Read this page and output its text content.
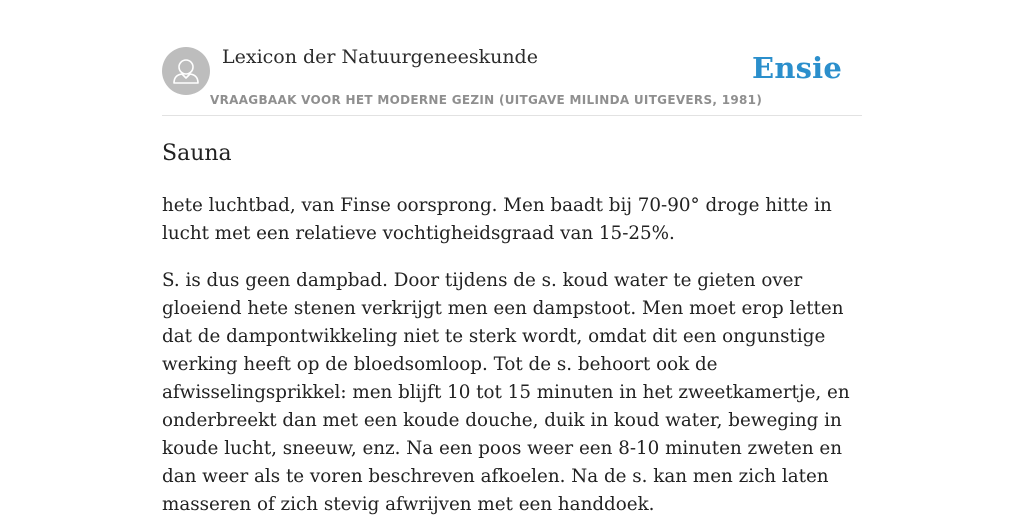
Lexicon der Natuurgeneeskunde
VRAAGBAAK VOOR HET MODERNE GEZIN (UITGAVE MILINDA UITGEVERS, 1981)
Ensie
Sauna

hete luchtbad, van Finse oorsprong. Men baadt bij 70-90° droge hitte in lucht met een relatieve vochtigheidsgraad van 15-25%.

S. is dus geen dampbad. Door tijdens de s. koud water te gieten over gloeiend hete stenen verkrijgt men een dampstoot. Men moet erop letten dat de dampontwikkeling niet te sterk wordt, omdat dit een ongunstige werking heeft op de bloedsomloop. Tot de s. behoort ook de afwisselingsprikkel: men blijft 10 tot 15 minuten in het zweetkamertje, en onderbreekt dan met een koude douche, duik in koud water, beweging in koude lucht, sneeuw, enz. Na een poos weer een 8-10 minuten zweten en dan weer als te voren beschreven afkoelen. Na de s. kan men zich laten masseren of zich stevig afwrijven met een handdoek.
